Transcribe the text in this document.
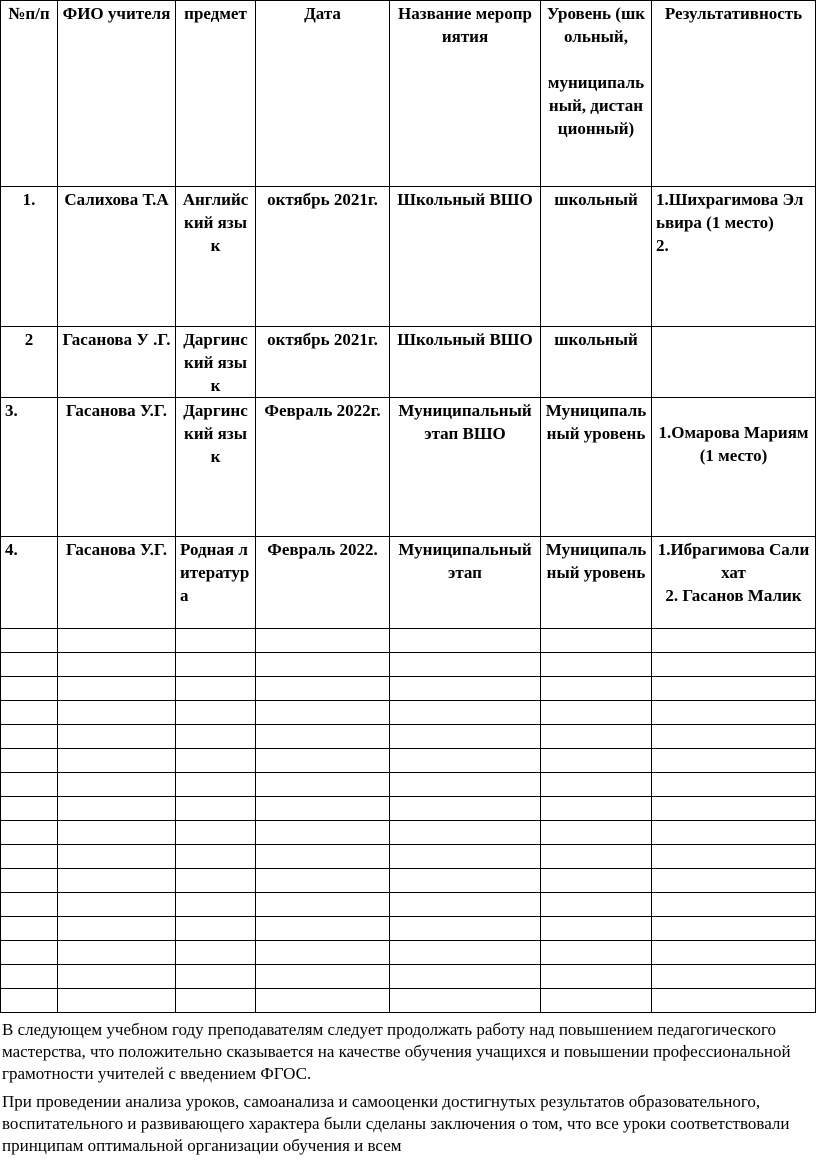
№п/п	ФИО учителя	предмет	Дата	Название мероприятия	Уровень (школьный,

муниципальный, дистанционный)	Результативность
1.	Салихова Т.А	Английский язык	октябрь 2021г.	Школьный ВШО	школьный	1.Шихрагимова Эльвира (1 место)
2.
2	Гасанова У .Г.	Даргинский язык	октябрь 2021г.	Школьный ВШО	школьный	
3.	Гасанова У.Г.	Даргинский язык	Февраль 2022г.	Муниципальный этап ВШО	Муниципальный уровень	1.Омарова Мариям (1 место)
4.	Гасанова У.Г.	Родная литература	Февраль 2022.	Муниципальный этап	Муниципальный уровень	1.Ибрагимова Салихат
2. Гасанов Малик

В следующем учебном году преподавателям следует продолжать работу над повышением педагогического мастерства, что положительно сказывается на качестве обучения учащихся и повышении профессиональной грамотности учителей с введением ФГОС.
При проведении анализа уроков, самоанализа и самооценки достигнутых результатов образовательного, воспитательного и развивающего характера были сделаны заключения о том, что все уроки соответствовали принципам оптимальной организации обучения и всем
